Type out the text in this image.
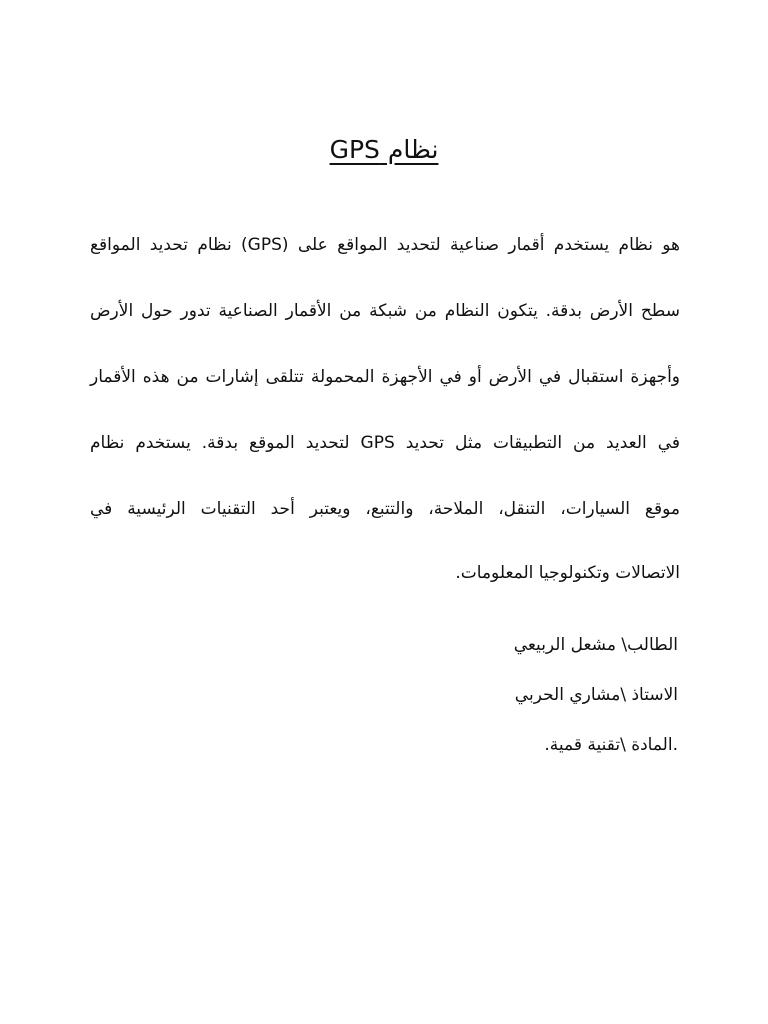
نظام GPS
هو نظام يستخدم أقمار صناعية لتحديد المواقع على (GPS) نظام تحديد المواقع
سطح الأرض بدقة. يتكون النظام من شبكة من الأقمار الصناعية تدور حول الأرض
وأجهزة استقبال في الأرض أو في الأجهزة المحمولة تتلقى إشارات من هذه الأقمار
في العديد من التطبيقات مثل تحديد GPS لتحديد الموقع بدقة. يستخدم نظام
موقع السيارات، التنقل، الملاحة، والتتبع، ويعتبر أحد التقنيات الرئيسية في
الاتصالات وتكنولوجيا المعلومات.
الطالب\ مشعل الربيعي
الاستاذ \مشاري الحربي
.المادة \تقنية قمية.
